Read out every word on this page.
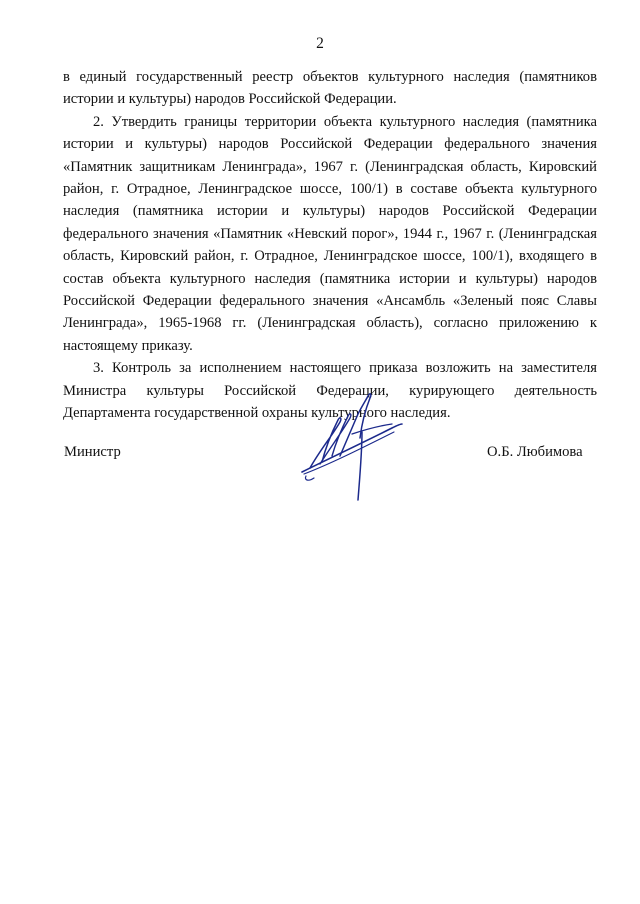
2

в единый государственный реестр объектов культурного наследия (памятников истории и культуры) народов Российской Федерации.

2. Утвердить границы территории объекта культурного наследия (памятника истории и культуры) народов Российской Федерации федерального значения «Памятник защитникам Ленинграда», 1967 г. (Ленинградская область, Кировский район, г. Отрадное, Ленинградское шоссе, 100/1) в составе объекта культурного наследия (памятника истории и культуры) народов Российской Федерации федерального значения «Памятник «Невский порог», 1944 г., 1967 г. (Ленинградская область, Кировский район, г. Отрадное, Ленинградское шоссе, 100/1), входящего в состав объекта культурного наследия (памятника истории и культуры) народов Российской Федерации федерального значения «Ансамбль «Зеленый пояс Славы Ленинграда», 1965-1968 гг. (Ленинградская область), согласно приложению к настоящему приказу.

3. Контроль за исполнением настоящего приказа возложить на заместителя Министра культуры Российской Федерации, курирующего деятельность Департамента государственной охраны культурного наследия.

Министр	О.Б. Любимова
